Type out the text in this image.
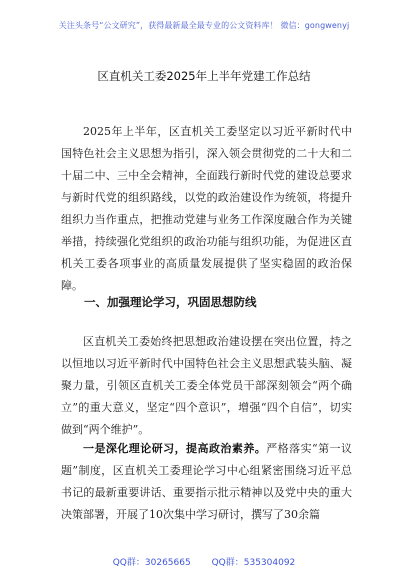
关注头条号“公文研究”，获得最新最全最专业的公文资料库！ 微信：gongwenyj
区直机关工委2025年上半年党建工作总结

2025年上半年，区直机关工委坚定以习近平新时代中国特色社会主义思想为指引，深入领会贯彻党的二十大和二十届二中、三中全会精神，全面践行新时代党的建设总要求与新时代党的组织路线，以党的政治建设作为统领，将提升组织力当作重点，把推动党建与业务工作深度融合作为关键举措，持续强化党组织的政治功能与组织功能，为促进区直机关工委各项事业的高质量发展提供了坚实稳固的政治保障。

一、加强理论学习，巩固思想防线

区直机关工委始终把思想政治建设摆在突出位置，持之以恒地以习近平新时代中国特色社会主义思想武装头脑、凝聚力量，引领区直机关工委全体党员干部深刻领会“两个确立”的重大意义，坚定“四个意识”，增强“四个自信”，切实做到“两个维护”。

一是深化理论研习，提高政治素养。严格落实“第一议题”制度，区直机关工委理论学习中心组紧密围绕习近平总书记的最新重要讲话、重要指示批示精神以及党中央的重大决策部署，开展了10次集中学习研讨，撰写了30余篇

QQ群：30265665 QQ群：535304092
